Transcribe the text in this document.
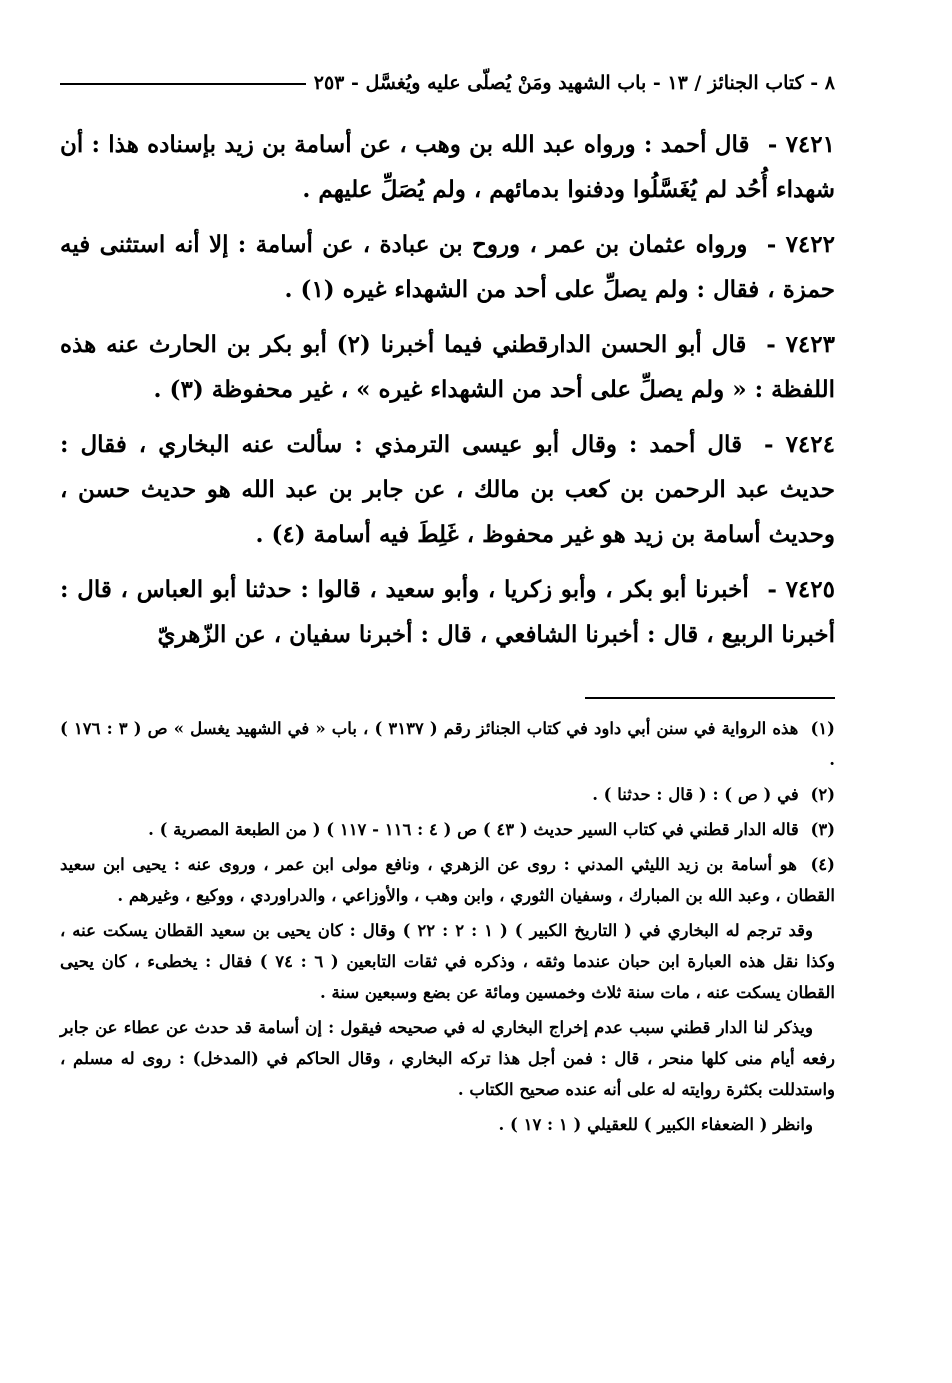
٨ - كتاب الجنائز / ١٣ - باب الشهيد ومَنْ يُصلّى عليه ويُغسَّل - ٢٥٣

٧٤٢١ - قال أحمد : ورواه عبد الله بن وهب ، عن أسامة بن زيد بإسناده هذا : أن شهداء أُحُد لم يُغَسَّلُوا ودفنوا بدمائهم ، ولم يُصَلِّ عليهم .

٧٤٢٢ - ورواه عثمان بن عمر ، وروح بن عبادة ، عن أسامة : إلا أنه استثنى فيه حمزة ، فقال : ولم يصلِّ على أحد من الشهداء غيره (١) .

٧٤٢٣ - قال أبو الحسن الدارقطني فيما أخبرنا (٢) أبو بكر بن الحارث عنه هذه اللفظة : « ولم يصلِّ على أحد من الشهداء غيره » ، غير محفوظة (٣) .

٧٤٢٤ - قال أحمد : وقال أبو عيسى الترمذي : سألت عنه البخاري ، فقال : حديث عبد الرحمن بن كعب بن مالك ، عن جابر بن عبد الله هو حديث حسن ، وحديث أسامة بن زيد هو غير محفوظ ، غَلِطَ فيه أسامة (٤) .

٧٤٢٥ - أخبرنا أبو بكر ، وأبو زكريا ، وأبو سعيد ، قالوا : حدثنا أبو العباس ، قال : أخبرنا الربيع ، قال : أخبرنا الشافعي ، قال : أخبرنا سفيان ، عن الزّهريّ

(١) هذه الرواية في سنن أبي داود في كتاب الجنائز رقم ( ٣١٣٧ ) ، باب « في الشهيد يغسل » ص ( ٣ : ١٧٦ ) .

(٢) في ( ص ) : ( قال : حدثنا ) .

(٣) قاله الدار قطني في كتاب السير حديث ( ٤٣ ) ص ( ٤ : ١١٦ - ١١٧ ) ( من الطبعة المصرية ) .

(٤) هو أسامة بن زيد الليثي المدني : روى عن الزهري ، ونافع مولى ابن عمر ، وروى عنه : يحيى ابن سعيد القطان ، وعبد الله بن المبارك ، وسفيان الثوري ، وابن وهب ، والأوزاعي ، والدراوردي ، ووكيع ، وغيرهم .

وقد ترجم له البخاري في ( التاريخ الكبير ) ( ١ : ٢ : ٢٢ ) وقال : كان يحيى بن سعيد القطان يسكت عنه ، وكذا نقل هذه العبارة ابن حبان عندما وثقه ، وذكره في ثقات التابعين ( ٦ : ٧٤ ) فقال : يخطىء ، كان يحيى القطان يسكت عنه ، مات سنة ثلاث وخمسين ومائة عن بضع وسبعين سنة .

ويذكر لنا الدار قطني سبب عدم إخراج البخاري له في صحيحه فيقول : إن أسامة قد حدث عن عطاء عن جابر رفعه أيام منى كلها منحر ، قال : فمن أجل هذا تركه البخاري ، وقال الحاكم في (المدخل) : روى له مسلم ، واستدللت بكثرة روايته له على أنه عنده صحيح الكتاب .

وانظر ( الضعفاء الكبير ) للعقيلي ( ١ : ١٧ ) .
